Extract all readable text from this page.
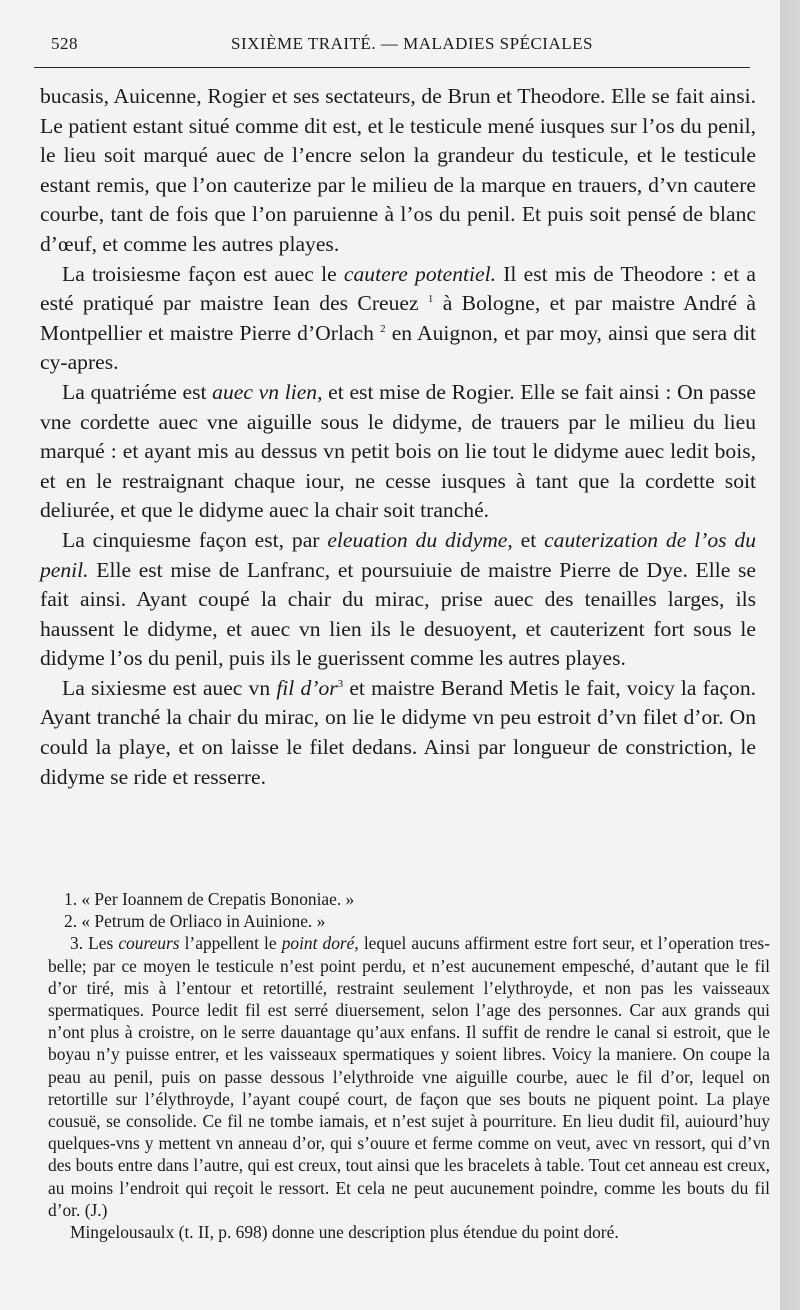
528	SIXIÈME TRAITÉ. — MALADIES SPÉCIALES

bucasis, Auicenne, Rogier et ses sectateurs, de Brun et Theodore. Elle se fait ainsi. Le patient estant situé comme dit est, et le testicule mené iusques sur l’os du penil, le lieu soit marqué auec de l’encre selon la grandeur du testicule, et le testicule estant remis, que l’on cauterize par le milieu de la marque en trauers, d’vn cautere courbe, tant de fois que l’on paruienne à l’os du penil. Et puis soit pensé de blanc d’œuf, et comme les autres playes.

La troisiesme façon est auec le cautere potentiel. Il est mis de Theodore : et a esté pratiqué par maistre Iean des Creuez $^1$ à Bologne, et par maistre André à Montpellier et maistre Pierre d’Orlach $^2$ en Auignon, et par moy, ainsi que sera dit cy-apres.

La quatriéme est auec vn lien, et est mise de Rogier. Elle se fait ainsi : On passe vne cordette auec vne aiguille sous le didyme, de trauers par le milieu du lieu marqué : et ayant mis au dessus vn petit bois on lie tout le didyme auec ledit bois, et en le restraignant chaque iour, ne cesse iusques à tant que la cordette soit deliurée, et que le didyme auec la chair soit tranché.

La cinquiesme façon est, par eleuation du didyme, et cauterization de l’os du penil. Elle est mise de Lanfranc, et poursuiuie de maistre Pierre de Dye. Elle se fait ainsi. Ayant coupé la chair du mirac, prise auec des tenailles larges, ils haussent le didyme, et auec vn lien ils le desuoyent, et cauterizent fort sous le didyme l’os du penil, puis ils le guerissent comme les autres playes.

La sixiesme est auec vn fil $d’or^3$ et maistre Berand Metis le fait, voicy la façon. Ayant tranché la chair du mirac, on lie le didyme vn peu estroit d’vn filet d’or. On could la playe, et on laisse le filet dedans. Ainsi par longueur de constriction, le didyme se ride et resserre.

1. « Per Ioannem de Crepatis Bononiae. »

2. « Petrum de Orliaco in Auinione. »

3. Les coureurs l’appellent le point doré, lequel aucuns affirment estre fort seur, et l’operation tres-belle; par ce moyen le testicule n’est point perdu, et n’est aucunement empesché, d’autant que le fil d’or tiré, mis à l’entour et retortillé, restraint seulement l’elythroyde, et non pas les vaisseaux spermatiques. Pource ledit fil est serré diuersement, selon l’age des personnes. Car aux grands qui n’ont plus à croistre, on le serre dauantage qu’aux enfans. Il suffit de rendre le canal si estroit, que le boyau n’y puisse entrer, et les vaisseaux spermatiques y soient libres. Voicy la maniere. On coupe la peau au penil, puis on passe dessous l’elythroide vne aiguille courbe, auec le fil d’or, lequel on retortille sur l’élythroyde, l’ayant coupé court, de façon que ses bouts ne piquent point. La playe cousuë, se consolide. Ce fil ne tombe iamais, et n’est sujet à pourriture. En lieu dudit fil, auiourd’huy quelques-vns y mettent vn anneau d’or, qui s’ouure et ferme comme on veut, avec vn ressort, qui d’vn des bouts entre dans l’autre, qui est creux, tout ainsi que les bracelets à table. Tout cet anneau est creux, au moins l’endroit qui reçoit le ressort. Et cela ne peut aucunement poindre, comme les bouts du fil d’or. (J.)

Mingelousaulx (t. II, p. 698) donne une description plus étendue du point doré.
